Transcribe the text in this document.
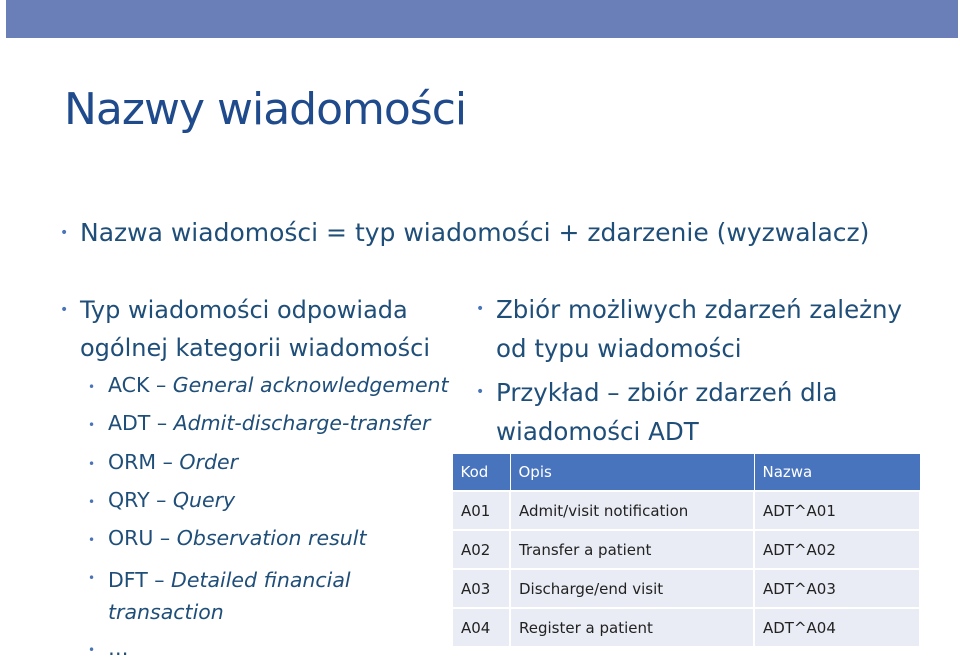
Nazwy wiadomości
• Nazwa wiadomości = typ wiadomości + zdarzenie (wyzwalacz)
• Typ wiadomości odpowiada ogólnej kategorii wiadomości
• ACK – General acknowledgement
• ADT – Admit-discharge-transfer
• ORM – Order
• QRY – Query
• ORU – Observation result
• DFT – Detailed financial transaction
• …
• Zbiór możliwych zdarzeń zależny od typu wiadomości
• Przykład – zbiór zdarzeń dla wiadomości ADT
Kod	Opis	Nazwa
A01	Admit/visit notification	ADT^A01
A02	Transfer a patient	ADT^A02
A03	Discharge/end visit	ADT^A03
A04	Register a patient	ADT^A04
